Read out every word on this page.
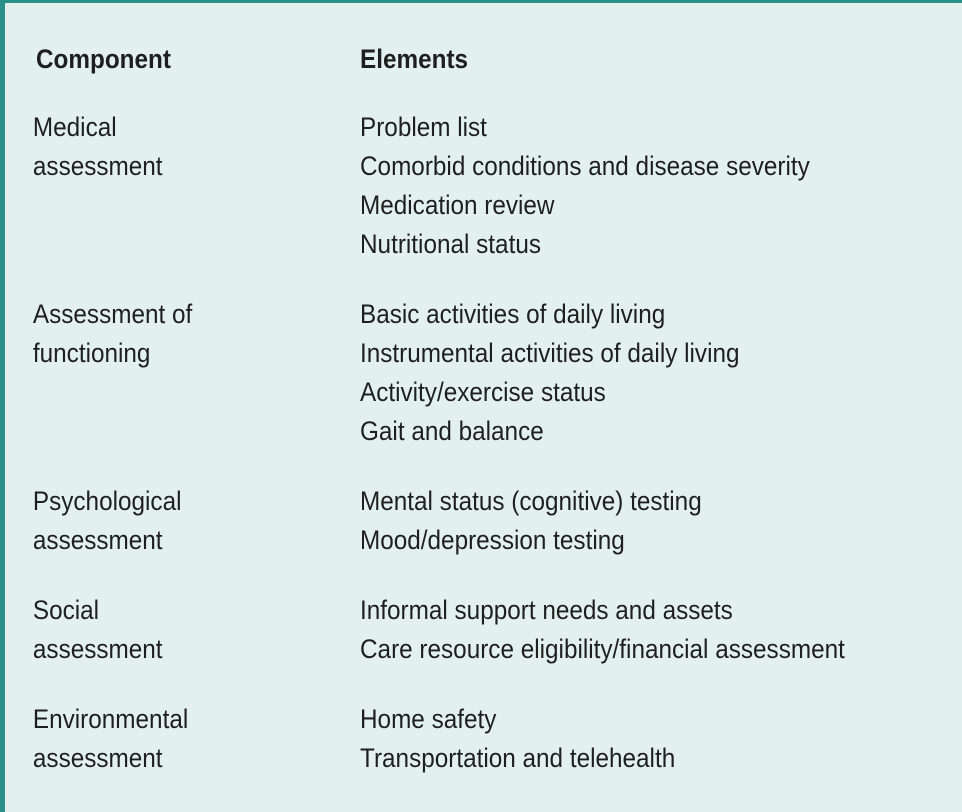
Component	Elements
Medical
assessment
Problem list
Comorbid conditions and disease severity
Medication review
Nutritional status
Assessment of
functioning
Basic activities of daily living
Instrumental activities of daily living
Activity/exercise status
Gait and balance
Psychological
assessment
Mental status (cognitive) testing
Mood/depression testing
Social
assessment
Informal support needs and assets
Care resource eligibility/financial assessment
Environmental
assessment
Home safety
Transportation and telehealth
